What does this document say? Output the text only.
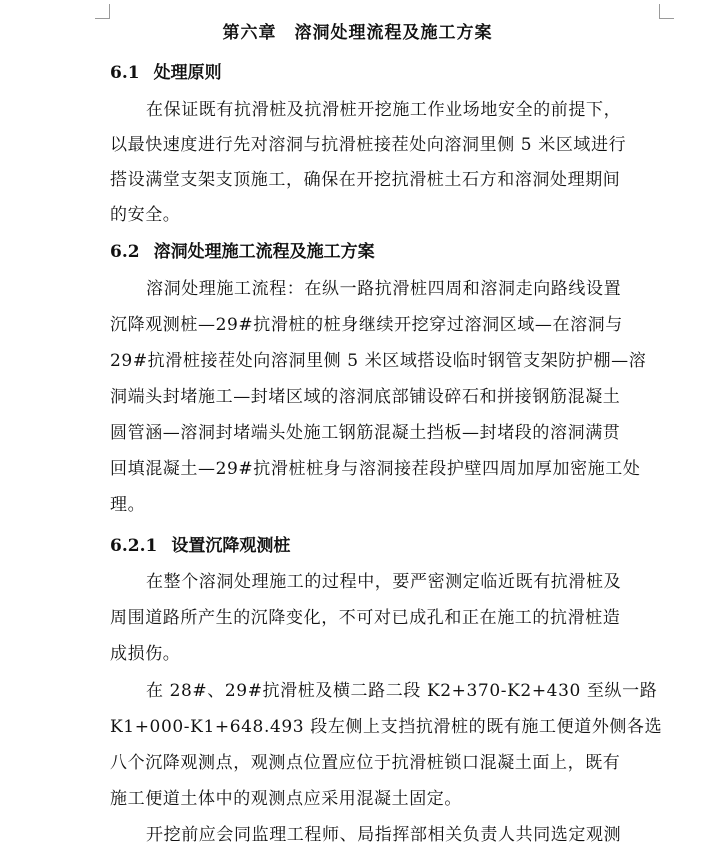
第六章　溶洞处理流程及施工方案
6.1 处理原则
在保证既有抗滑桩及抗滑桩开挖施工作业场地安全的前提下，
以最快速度进行先对溶洞与抗滑桩接茬处向溶洞里侧 5 米区域进行
搭设满堂支架支顶施工，确保在开挖抗滑桩土石方和溶洞处理期间
的安全。
6.2 溶洞处理施工流程及施工方案
溶洞处理施工流程：在纵一路抗滑桩四周和溶洞走向路线设置
沉降观测桩—29#抗滑桩的桩身继续开挖穿过溶洞区域—在溶洞与
29#抗滑桩接茬处向溶洞里侧 5 米区域搭设临时钢管支架防护棚—溶
洞端头封堵施工—封堵区域的溶洞底部铺设碎石和拼接钢筋混凝土
圆管涵—溶洞封堵端头处施工钢筋混凝土挡板—封堵段的溶洞满贯
回填混凝土—29#抗滑桩桩身与溶洞接茬段护壁四周加厚加密施工处
理。
6.2.1 设置沉降观测桩
在整个溶洞处理施工的过程中，要严密测定临近既有抗滑桩及
周围道路所产生的沉降变化，不可对已成孔和正在施工的抗滑桩造
成损伤。
在 28#、29#抗滑桩及横二路二段 K2+370-K2+430 至纵一路
K1+000-K1+648.493 段左侧上支挡抗滑桩的既有施工便道外侧各选
八个沉降观测点，观测点位置应位于抗滑桩锁口混凝土面上，既有
施工便道土体中的观测点应采用混凝土固定。
开挖前应会同监理工程师、局指挥部相关负责人共同选定观测
